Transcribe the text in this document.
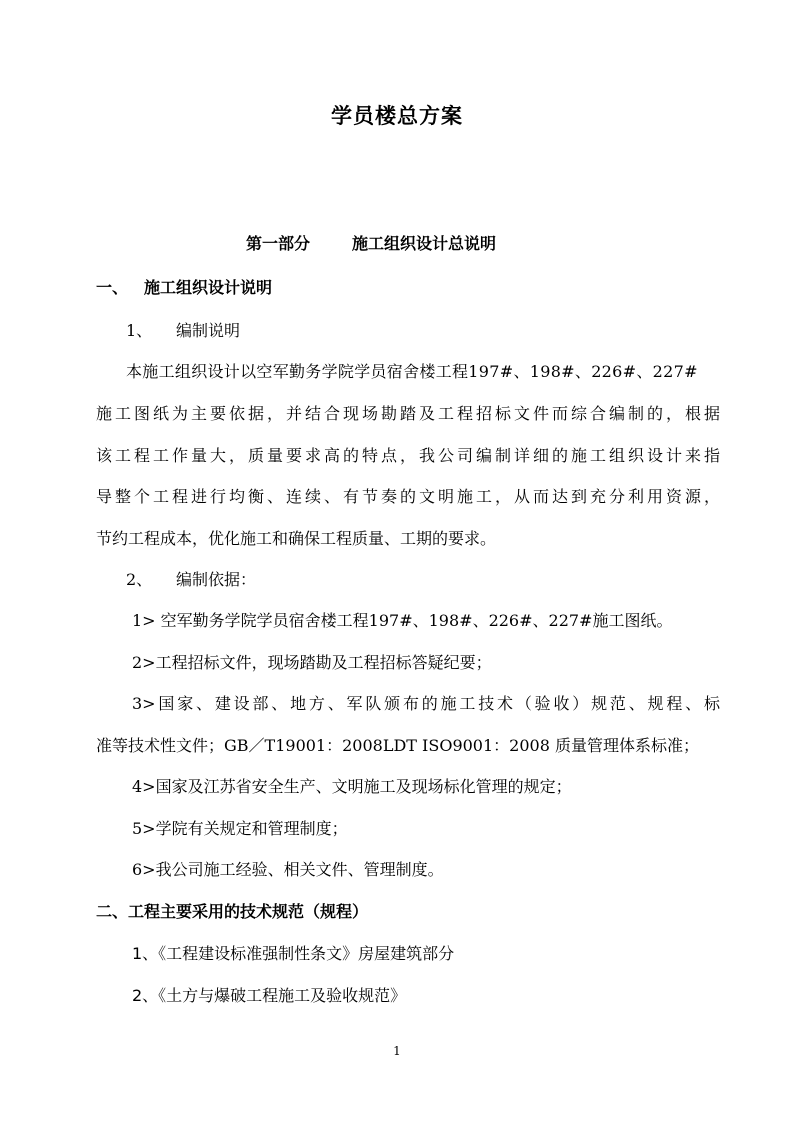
学员楼总方案
第一部分	施工组织设计总说明
一、 施工组织设计说明
1、 编制说明
本施工组织设计以空军勤务学院学员宿舍楼工程197#、198#、226#、227#
施工图纸为主要依据，并结合现场勘踏及工程招标文件而综合编制的，根据
该工程工作量大，质量要求高的特点，我公司编制详细的施工组织设计来指
导整个工程进行均衡、连续、有节奏的文明施工，从而达到充分利用资源，
节约工程成本，优化施工和确保工程质量、工期的要求。
2、 编制依据：
1> 空军勤务学院学员宿舍楼工程197#、198#、226#、227#施工图纸。
2>工程招标文件，现场踏勘及工程招标答疑纪要；
3>国家、建设部、地方、军队颁布的施工技术（验收）规范、规程、标
准等技术性文件；GB／T19001：2008LDT ISO9001：2008 质量管理体系标准；
4>国家及江苏省安全生产、文明施工及现场标化管理的规定；
5>学院有关规定和管理制度；
6>我公司施工经验、相关文件、管理制度。
二、工程主要采用的技术规范（规程）
1、《工程建设标准强制性条文》房屋建筑部分
2、《土方与爆破工程施工及验收规范》
1
